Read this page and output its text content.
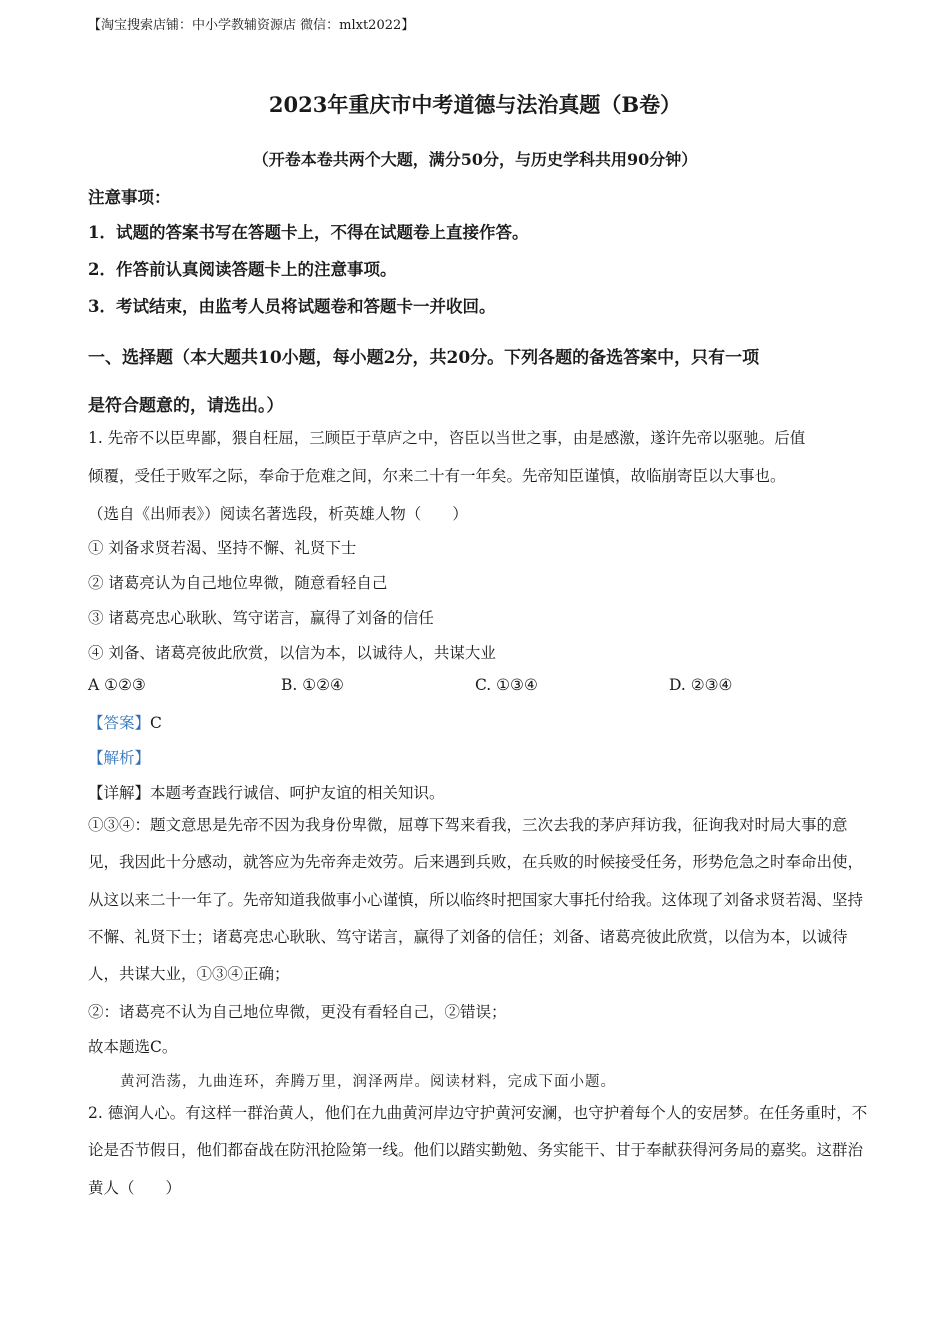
【淘宝搜索店铺：中小学教辅资源店 微信：mlxt2022】
2023年重庆市中考道德与法治真题（B卷）
（开卷本卷共两个大题，满分50分，与历史学科共用90分钟）
注意事项：
1．试题的答案书写在答题卡上，不得在试题卷上直接作答。
2．作答前认真阅读答题卡上的注意事项。
3．考试结束，由监考人员将试题卷和答题卡一并收回。
一、选择题（本大题共10小题，每小题2分，共20分。下列各题的备选答案中，只有一项
是符合题意的，请选出。）
1. 先帝不以臣卑鄙，猥自枉屈，三顾臣于草庐之中，咨臣以当世之事，由是感激，遂许先帝以驱驰。后值
倾覆，受任于败军之际，奉命于危难之间，尔来二十有一年矣。先帝知臣谨慎，故临崩寄臣以大事也。
（选自《出师表》）阅读名著选段，析英雄人物（　　）
① 刘备求贤若渴、坚持不懈、礼贤下士
② 诸葛亮认为自己地位卑微，随意看轻自己
③ 诸葛亮忠心耿耿、笃守诺言，赢得了刘备的信任
④ 刘备、诸葛亮彼此欣赏，以信为本，以诚待人，共谋大业
A ①②③	B. ①②④	C. ①③④	D. ②③④
【答案】C
【解析】
【详解】本题考查践行诚信、呵护友谊的相关知识。
①③④：题文意思是先帝不因为我身份卑微，屈尊下驾来看我，三次去我的茅庐拜访我，征询我对时局大事的意见，我因此十分感动，就答应为先帝奔走效劳。后来遇到兵败，在兵败的时候接受任务，形势危急之时奉命出使，从这以来二十一年了。先帝知道我做事小心谨慎，所以临终时把国家大事托付给我。这体现了刘备求贤若渴、坚持不懈、礼贤下士；诸葛亮忠心耿耿、笃守诺言，赢得了刘备的信任；刘备、诸葛亮彼此欣赏，以信为本，以诚待人，共谋大业，①③④正确；
②：诸葛亮不认为自己地位卑微，更没有看轻自己，②错误；
故本题选C。
黄河浩荡，九曲连环，奔腾万里，润泽两岸。阅读材料，完成下面小题。
2. 德润人心。有这样一群治黄人，他们在九曲黄河岸边守护黄河安澜，也守护着每个人的安居梦。在任务重时，不论是否节假日，他们都奋战在防汛抢险第一线。他们以踏实勤勉、务实能干、甘于奉献获得河务局的嘉奖。这群治黄人（　　）
